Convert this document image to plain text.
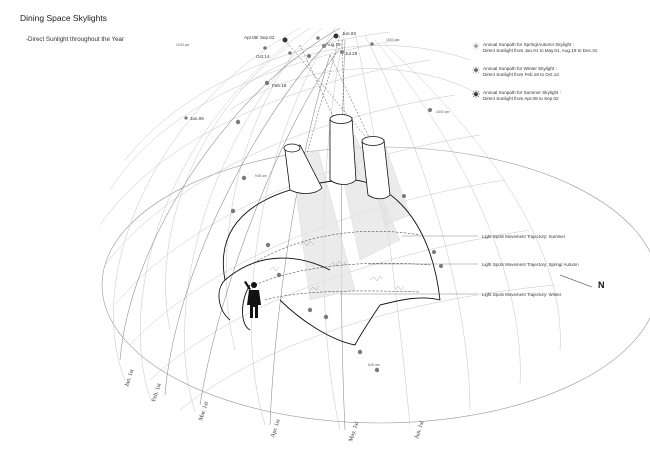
Dining Space Skylights
-Direct Sunlight throughout the Year
Annual Sunpath for Spring/Autumn Skylight :
Direct Sunlight from Jan.01 to May.01, Aug.19 to Dec.31
Annual Sunpath for Winter Skylight :
Direct Sunlight from Feb.18 to Oct.14
Annual Sunpath for Summer Skylight :
Direct Sunlight from Apr.08 to Sep.02
Jun.03
Apr.08/ Sep.02
Aug.19
Jul.29
Oct.14
Feb.18
Jan.06
12:00 pm
15:00 pm
18:00 pm
9:00 am
6:00 am
Light Spots Movement Trajectory: Summer
Light Spots Movement Trajectory: Spring/ Autumn
Light Spots Movement Trajectory: Winter
N
Jan. 1st
Feb. 1st
Mar. 1st
Apr. 1st	May. 1st	Jun. 1st
